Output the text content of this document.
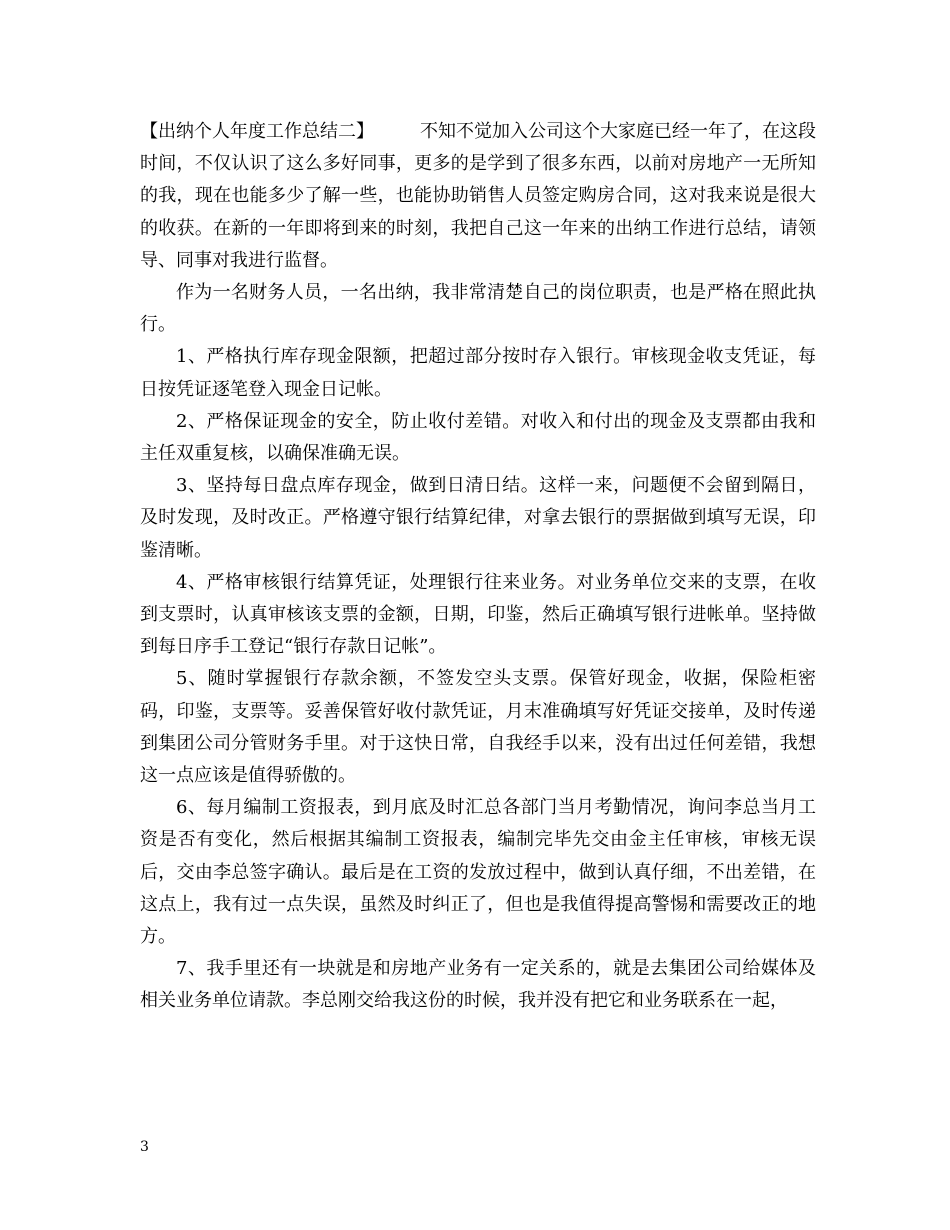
【出纳个人年度工作总结二】	不知不觉加入公司这个大家庭已经一年了，在这段时间，不仅认识了这么多好同事，更多的是学到了很多东西，以前对房地产一无所知的我，现在也能多少了解一些，也能协助销售人员签定购房合同，这对我来说是很大的收获。在新的一年即将到来的时刻，我把自己这一年来的出纳工作进行总结，请领导、同事对我进行监督。

作为一名财务人员，一名出纳，我非常清楚自己的岗位职责，也是严格在照此执行。

1、严格执行库存现金限额，把超过部分按时存入银行。审核现金收支凭证，每日按凭证逐笔登入现金日记帐。

2、严格保证现金的安全，防止收付差错。对收入和付出的现金及支票都由我和主任双重复核，以确保准确无误。

3、坚持每日盘点库存现金，做到日清日结。这样一来，问题便不会留到隔日，及时发现，及时改正。严格遵守银行结算纪律，对拿去银行的票据做到填写无误，印鉴清晰。

4、严格审核银行结算凭证，处理银行往来业务。对业务单位交来的支票，在收到支票时，认真审核该支票的金额，日期，印鉴，然后正确填写银行进帐单。坚持做到每日序手工登记“银行存款日记帐”。

5、随时掌握银行存款余额，不签发空头支票。保管好现金，收据，保险柜密码，印鉴，支票等。妥善保管好收付款凭证，月末准确填写好凭证交接单，及时传递到集团公司分管财务手里。对于这快日常，自我经手以来，没有出过任何差错，我想这一点应该是值得骄傲的。

6、每月编制工资报表，到月底及时汇总各部门当月考勤情况，询问李总当月工资是否有变化，然后根据其编制工资报表，编制完毕先交由金主任审核，审核无误后，交由李总签字确认。最后是在工资的发放过程中，做到认真仔细，不出差错，在这点上，我有过一点失误，虽然及时纠正了，但也是我值得提高警惕和需要改正的地方。

7、我手里还有一块就是和房地产业务有一定关系的，就是去集团公司给媒体及相关业务单位请款。李总刚交给我这份的时候，我并没有把它和业务联系在一起，

3
